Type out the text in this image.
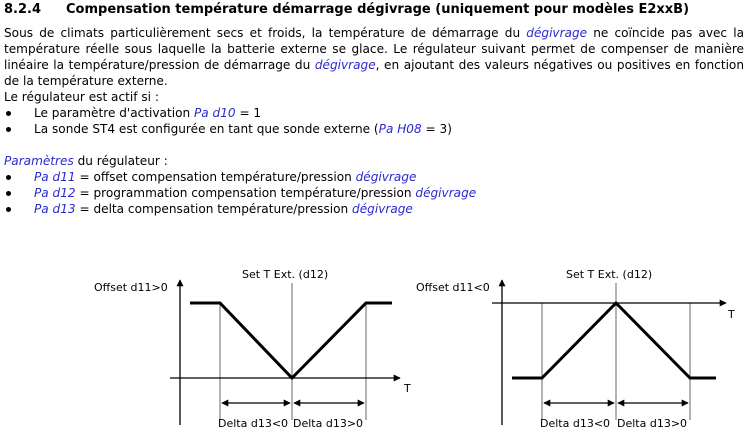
8.2.4 Compensation température démarrage dégivrage (uniquement pour modèles E2xxB)

Sous de climats particulièrement secs et froids, la température de démarrage du dégivrage ne coïncide pas avec la température réelle sous laquelle la batterie externe se glace. Le régulateur suivant permet de compenser de manière linéaire la température/pression de démarrage du dégivrage, en ajoutant des valeurs négatives ou positives en fonction de la température externe.

Le régulateur est actif si :

Le paramètre d'activation Pa d10 = 1
La sonde ST4 est configurée en tant que sonde externe (Pa H08 = 3)

Paramètres du régulateur :

Pa d11 = offset compensation température/pression dégivrage
Pa d12 = programmation compensation température/pression dégivrage
Pa d13 = delta compensation température/pression dégivrage
Offset d11>0
Set T Ext. (d12)
T
Delta d13<0 Delta d13>0
Offset d11<0
Set T Ext. (d12)
T
Delta d13<0 Delta d13>0
